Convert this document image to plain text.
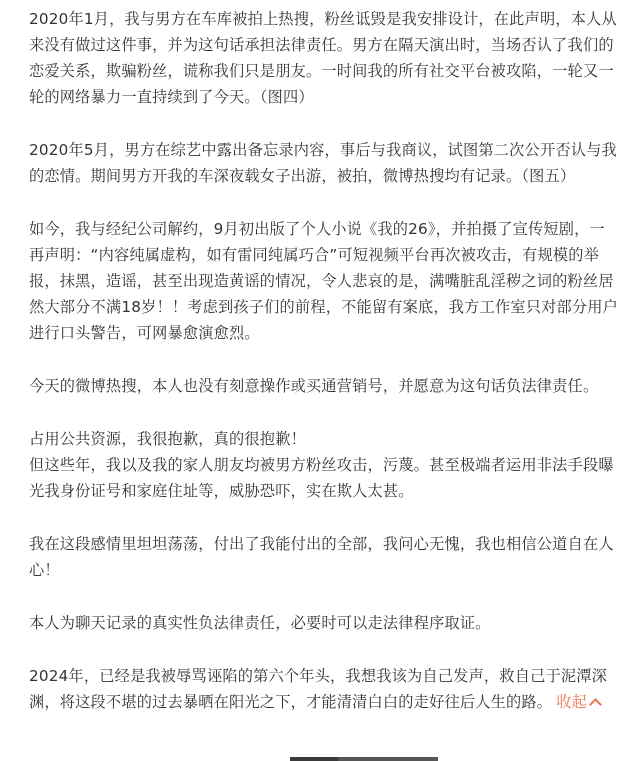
2020年1月，我与男方在车库被拍上热搜，粉丝诋毁是我安排设计，在此声明，本人从
来没有做过这件事，并为这句话承担法律责任。男方在隔天演出时，当场否认了我们的
恋爱关系，欺骗粉丝，谎称我们只是朋友。一时间我的所有社交平台被攻陷，一轮又一
轮的网络暴力一直持续到了今天。（图四）

2020年5月，男方在综艺中露出备忘录内容，事后与我商议，试图第二次公开否认与我
的恋情。期间男方开我的车深夜载女子出游，被拍，微博热搜均有记录。（图五）

如今，我与经纪公司解约，9月初出版了个人小说《我的26》，并拍摄了宣传短剧，一
再声明：“内容纯属虚构，如有雷同纯属巧合”可短视频平台再次被攻击，有规模的举
报，抹黑，造谣，甚至出现造黄谣的情况，令人悲哀的是，满嘴脏乱淫秽之词的粉丝居
然大部分不满18岁！！考虑到孩子们的前程，不能留有案底，我方工作室只对部分用户
进行口头警告，可网暴愈演愈烈。

今天的微博热搜，本人也没有刻意操作或买通营销号，并愿意为这句话负法律责任。

占用公共资源，我很抱歉，真的很抱歉！
但这些年，我以及我的家人朋友均被男方粉丝攻击，污蔑。甚至极端者运用非法手段曝
光我身份证号和家庭住址等，威胁恐吓，实在欺人太甚。

我在这段感情里坦坦荡荡，付出了我能付出的全部，我问心无愧，我也相信公道自在人
心！

本人为聊天记录的真实性负法律责任，必要时可以走法律程序取证。

2024年，已经是我被辱骂诬陷的第六个年头，我想我该为自己发声，救自己于泥潭深
渊，将这段不堪的过去暴晒在阳光之下，才能清清白白的走好往后人生的路。 收起
